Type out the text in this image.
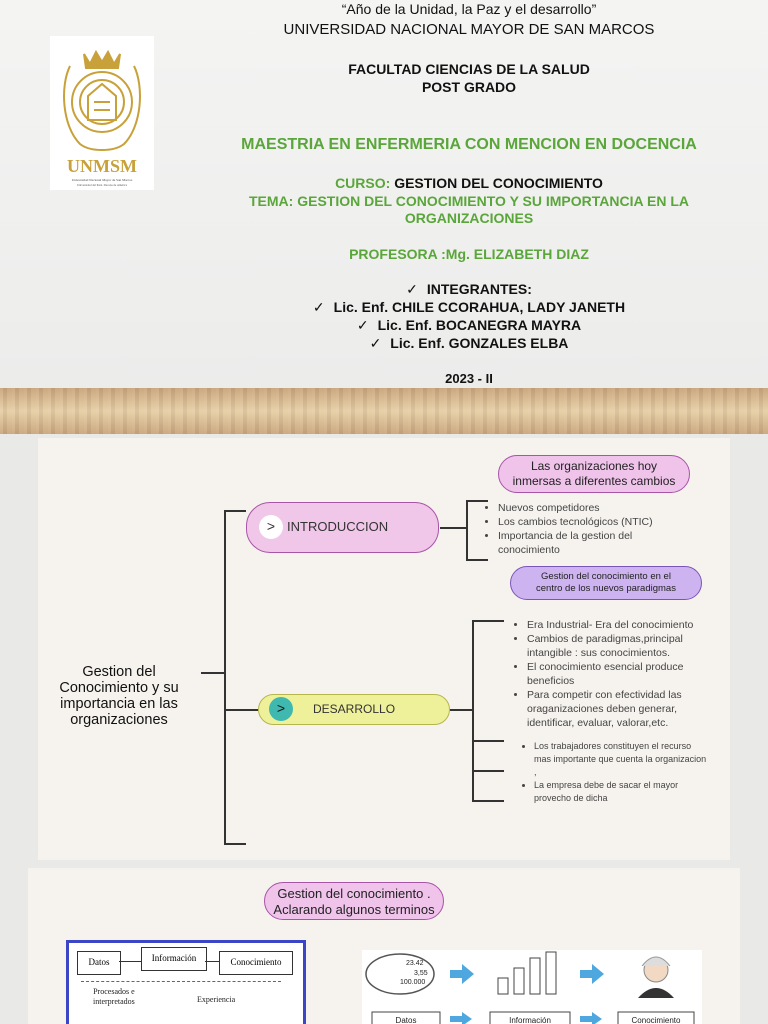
UNMSM
Universidad Nacional Mayor de San Marcos
Universidad del Perú. Decana de América
“Año de la Unidad, la Paz y el desarrollo”
UNIVERSIDAD NACIONAL MAYOR DE SAN MARCOS
FACULTAD CIENCIAS DE LA SALUD
POST GRADO
MAESTRIA EN ENFERMERIA CON MENCION EN DOCENCIA
CURSO: GESTION DEL CONOCIMIENTO
TEMA: GESTION DEL CONOCIMIENTO Y SU IMPORTANCIA EN LA
ORGANIZACIONES
PROFESORA :Mg. ELIZABETH DIAZ
✓ INTEGRANTES:
✓ Lic. Enf. CHILE CCORAHUA, LADY JANETH
✓ Lic. Enf. BOCANEGRA MAYRA
✓ Lic. Enf. GONZALES ELBA
2023 - II
Gestion del
Conocimiento y su
importancia en las
organizaciones
> INTRODUCCION
Las organizaciones hoy
inmersas a diferentes cambios
• Nuevos competidores
• Los cambios tecnológicos (NTIC)
• Importancia de la gestion del conocimiento
>	DESARROLLO
Gestion del conocimiento en el
centro de los nuevos paradigmas
• Era Industrial- Era del conocimiento
• Cambios de paradigmas,principal intangible : sus conocimientos.
• El conocimiento esencial produce beneficios
• Para competir con efectividad las oraganizaciones deben generar, identificar, evaluar, valorar,etc.
• Los trabajadores constituyen el recurso mas importante que cuenta la organizacion ,
• La empresa debe de sacar el mayor provecho de dicha
Gestion del conocimiento .
Aclarando algunos terminos
Datos	Información	Conocimiento
Procesados e
interpretados	Experiencia
23.42
3,55
100.000
Datos	Información	Conocimiento
